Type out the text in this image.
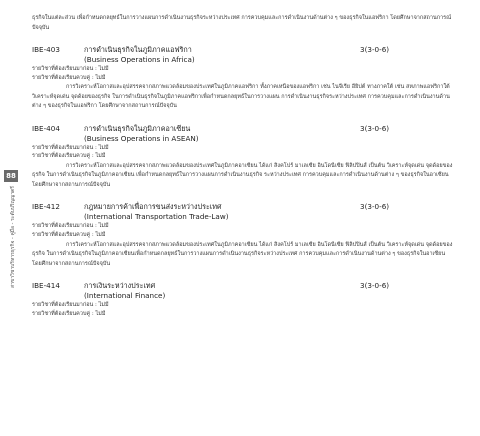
88
สาขาวิชาบริหารธุรกิจ - คู่มือ - ระดับปริญญาตรี
ธุรกิจในแต่ละส่วน เพื่อกำหนดกลยุทธ์ในการวางแผนการดำเนินงานธุรกิจระหว่างประเทศ การควบคุมและการดำเนินงานด้านต่าง ๆ ของธุรกิจในแอฟริกา โดยศึกษาจากสถานการณ์ปัจจุบัน
IBE-403	การดำเนินธุรกิจในภูมิภาคแอฟริกา	3(3-0-6)
(Business Operations in Africa)
รายวิชาที่ต้องเรียนมาก่อน : ไม่มี
รายวิชาที่ต้องเรียนควบคู่ : ไม่มี
การวิเคราะห์โอกาสและอุปสรรคจากสภาพแวดล้อมของประเทศในภูมิภาคแอฟริกา ทั้งภาคเหนือของแอฟริกา เช่น ไนจีเรีย อียิปต์ ทางภาคใต้ เช่น สหภาพแอฟริกาใต้ วิเคราะห์จุดเด่น จุดด้อยของธุรกิจ ในการดำเนินธุรกิจในภูมิภาคแอฟริกาเพื่อกำหนดกลยุทธ์ในการวางแผน การดำเนินงานธุรกิจระหว่างประเทศ การควบคุมและการดำเนินงานด้านต่าง ๆ ของธุรกิจในแอฟริกา โดยศึกษาจากสถานการณ์ปัจจุบัน
IBE-404	การดำเนินธุรกิจในภูมิภาคอาเซียน	3(3-0-6)
(Business Operations in ASEAN)
รายวิชาที่ต้องเรียนมาก่อน : ไม่มี
รายวิชาที่ต้องเรียนควบคู่ : ไม่มี
การวิเคราะห์โอกาสและอุปสรรคจากสภาพแวดล้อมของประเทศในภูมิภาคอาเซียน ได้แก่ สิงคโปร์ มาเลเซีย อินโดนีเซีย ฟิลิปปินส์ เป็นต้น วิเคราะห์จุดเด่น จุดด้อยของธุรกิจ ในการดำเนินธุรกิจในภูมิภาคอาเซียน เพื่อกำหนดกลยุทธ์ในการวางแผนการดำเนินงานธุรกิจ ระหว่างประเทศ การควบคุมและการดำเนินงานด้านต่าง ๆ ของธุรกิจในอาเซียน โดยศึกษาจากสถานการณ์ปัจจุบัน
IBE-412	กฎหมายการค้าเพื่อการขนส่งระหว่างประเทศ	3(3-0-6)
(International Transportation Trade-Law)
รายวิชาที่ต้องเรียนมาก่อน : ไม่มี
รายวิชาที่ต้องเรียนควบคู่ : ไม่มี
การวิเคราะห์โอกาสและอุปสรรคจากสภาพแวดล้อมของประเทศในภูมิภาคอาเซียน ได้แก่ สิงคโปร์ มาเลเซีย อินโดนีเซีย ฟิลิปปินส์ เป็นต้น วิเคราะห์จุดเด่น จุดด้อยของธุรกิจ ในการดำเนินธุรกิจในภูมิภาคอาเซียนเพื่อกำหนดกลยุทธ์ในการวางแผนการดำเนินงานธุรกิจระหว่างประเทศ การควบคุมและการดำเนินงานด้านต่าง ๆ ของธุรกิจในอาเซียน โดยศึกษาจากสถานการณ์ปัจจุบัน
IBE-414	การเงินระหว่างประเทศ	3(3-0-6)
(International Finance)
รายวิชาที่ต้องเรียนมาก่อน : ไม่มี
รายวิชาที่ต้องเรียนควบคู่ : ไม่มี
